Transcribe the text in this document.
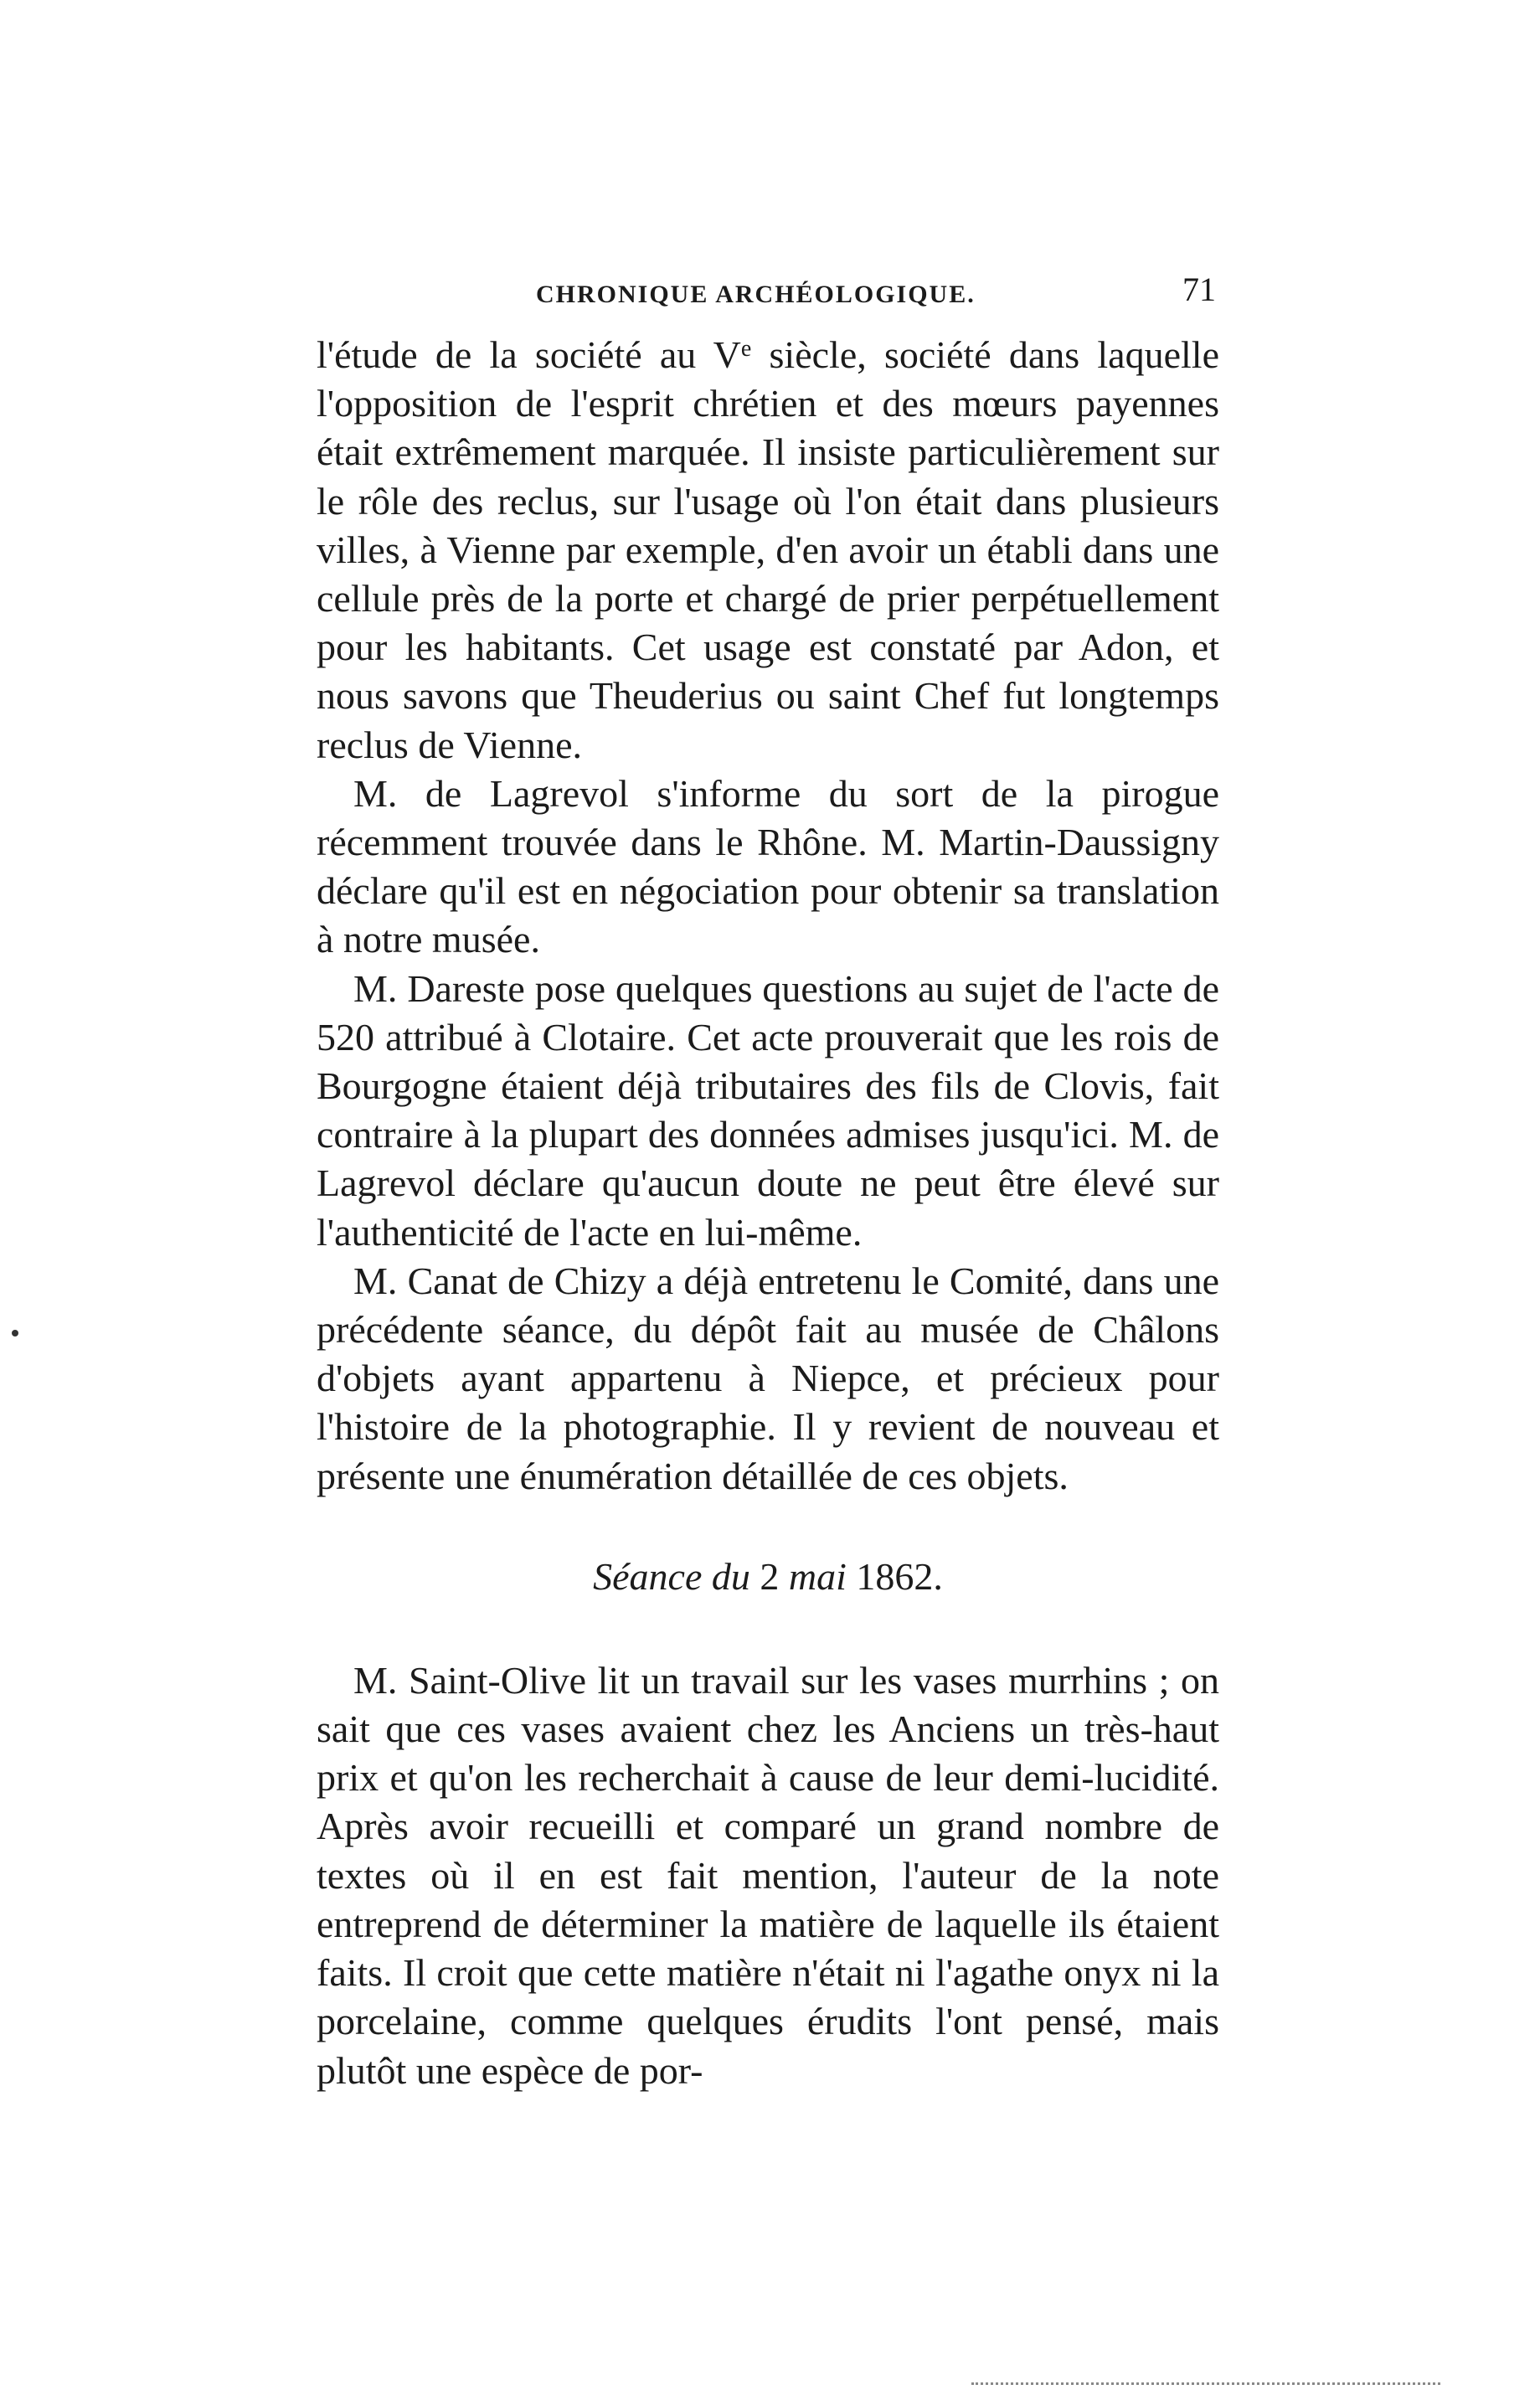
CHRONIQUE ARCHÉOLOGIQUE.	71

l'étude de la société au Ve siècle, société dans laquelle l'opposition de l'esprit chrétien et des mœurs payennes était extrêmement marquée. Il insiste particulièrement sur le rôle des reclus, sur l'usage où l'on était dans plusieurs villes, à Vienne par exemple, d'en avoir un établi dans une cellule près de la porte et chargé de prier perpétuellement pour les habitants. Cet usage est constaté par Adon, et nous savons que Theuderius ou saint Chef fut longtemps reclus de Vienne.

M. de Lagrevol s'informe du sort de la pirogue récemment trouvée dans le Rhône. M. Martin-Daussigny déclare qu'il est en négociation pour obtenir sa translation à notre musée.

M. Dareste pose quelques questions au sujet de l'acte de 520 attribué à Clotaire. Cet acte prouverait que les rois de Bourgogne étaient déjà tributaires des fils de Clovis, fait contraire à la plupart des données admises jusqu'ici. M. de Lagrevol déclare qu'aucun doute ne peut être élevé sur l'authenticité de l'acte en lui-même.

M. Canat de Chizy a déjà entretenu le Comité, dans une précédente séance, du dépôt fait au musée de Châlons d'objets ayant appartenu à Niepce, et précieux pour l'histoire de la photographie. Il y revient de nouveau et présente une énumération détaillée de ces objets.

Séance du 2 mai 1862.

M. Saint-Olive lit un travail sur les vases murrhins ; on sait que ces vases avaient chez les Anciens un très-haut prix et qu'on les recherchait à cause de leur demi-lucidité. Après avoir recueilli et comparé un grand nombre de textes où il en est fait mention, l'auteur de la note entreprend de déterminer la matière de laquelle ils étaient faits. Il croit que cette matière n'était ni l'agathe onyx ni la porcelaine, comme quelques érudits l'ont pensé, mais plutôt une espèce de por-
